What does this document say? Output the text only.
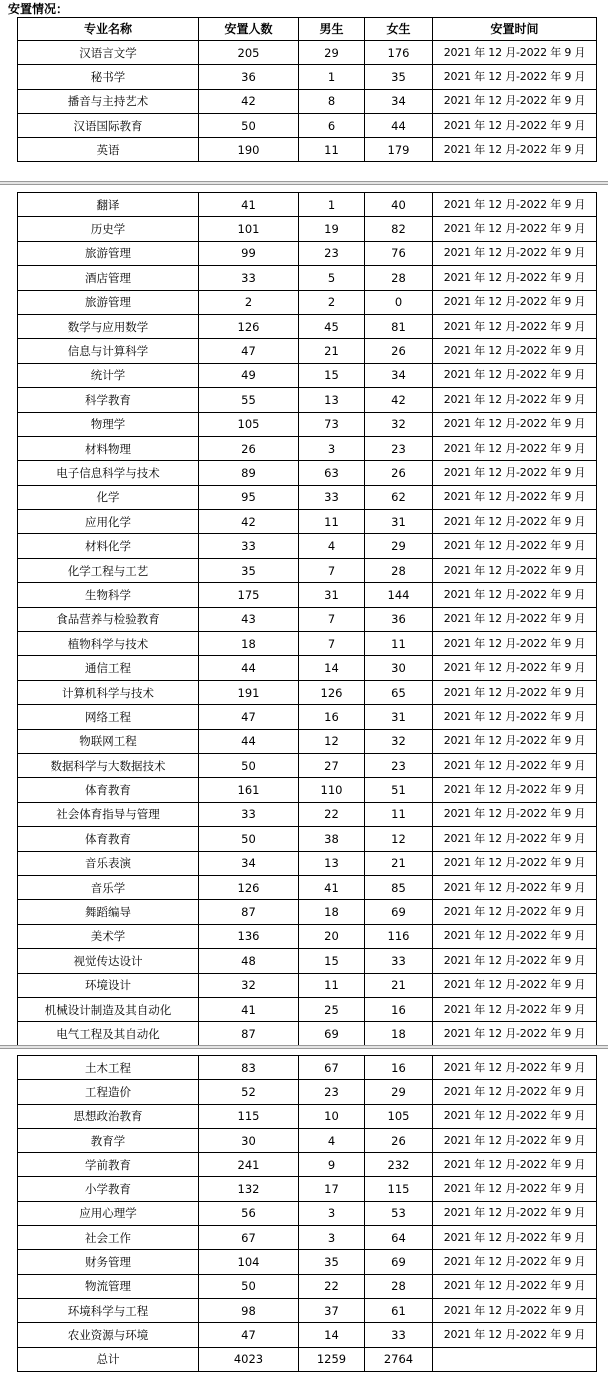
安置情况：
专业名称	安置人数	男生	女生	安置时间
汉语言文学	205	29	176	2021 年 12 月-2022 年 9 月
秘书学	36	1	35	2021 年 12 月-2022 年 9 月
播音与主持艺术	42	8	34	2021 年 12 月-2022 年 9 月
汉语国际教育	50	6	44	2021 年 12 月-2022 年 9 月
英语	190	11	179	2021 年 12 月-2022 年 9 月
翻译	41	1	40	2021 年 12 月-2022 年 9 月
历史学	101	19	82	2021 年 12 月-2022 年 9 月
旅游管理	99	23	76	2021 年 12 月-2022 年 9 月
酒店管理	33	5	28	2021 年 12 月-2022 年 9 月
旅游管理	2	2	0	2021 年 12 月-2022 年 9 月
数学与应用数学	126	45	81	2021 年 12 月-2022 年 9 月
信息与计算科学	47	21	26	2021 年 12 月-2022 年 9 月
统计学	49	15	34	2021 年 12 月-2022 年 9 月
科学教育	55	13	42	2021 年 12 月-2022 年 9 月
物理学	105	73	32	2021 年 12 月-2022 年 9 月
材料物理	26	3	23	2021 年 12 月-2022 年 9 月
电子信息科学与技术	89	63	26	2021 年 12 月-2022 年 9 月
化学	95	33	62	2021 年 12 月-2022 年 9 月
应用化学	42	11	31	2021 年 12 月-2022 年 9 月
材料化学	33	4	29	2021 年 12 月-2022 年 9 月
化学工程与工艺	35	7	28	2021 年 12 月-2022 年 9 月
生物科学	175	31	144	2021 年 12 月-2022 年 9 月
食品营养与检验教育	43	7	36	2021 年 12 月-2022 年 9 月
植物科学与技术	18	7	11	2021 年 12 月-2022 年 9 月
通信工程	44	14	30	2021 年 12 月-2022 年 9 月
计算机科学与技术	191	126	65	2021 年 12 月-2022 年 9 月
网络工程	47	16	31	2021 年 12 月-2022 年 9 月
物联网工程	44	12	32	2021 年 12 月-2022 年 9 月
数据科学与大数据技术	50	27	23	2021 年 12 月-2022 年 9 月
体育教育	161	110	51	2021 年 12 月-2022 年 9 月
社会体育指导与管理	33	22	11	2021 年 12 月-2022 年 9 月
体育教育	50	38	12	2021 年 12 月-2022 年 9 月
音乐表演	34	13	21	2021 年 12 月-2022 年 9 月
音乐学	126	41	85	2021 年 12 月-2022 年 9 月
舞蹈编导	87	18	69	2021 年 12 月-2022 年 9 月
美术学	136	20	116	2021 年 12 月-2022 年 9 月
视觉传达设计	48	15	33	2021 年 12 月-2022 年 9 月
环境设计	32	11	21	2021 年 12 月-2022 年 9 月
机械设计制造及其自动化	41	25	16	2021 年 12 月-2022 年 9 月
电气工程及其自动化	87	69	18	2021 年 12 月-2022 年 9 月
土木工程	83	67	16	2021 年 12 月-2022 年 9 月
工程造价	52	23	29	2021 年 12 月-2022 年 9 月
思想政治教育	115	10	105	2021 年 12 月-2022 年 9 月
教育学	30	4	26	2021 年 12 月-2022 年 9 月
学前教育	241	9	232	2021 年 12 月-2022 年 9 月
小学教育	132	17	115	2021 年 12 月-2022 年 9 月
应用心理学	56	3	53	2021 年 12 月-2022 年 9 月
社会工作	67	3	64	2021 年 12 月-2022 年 9 月
财务管理	104	35	69	2021 年 12 月-2022 年 9 月
物流管理	50	22	28	2021 年 12 月-2022 年 9 月
环境科学与工程	98	37	61	2021 年 12 月-2022 年 9 月
农业资源与环境	47	14	33	2021 年 12 月-2022 年 9 月
总计	4023	1259	2764	
